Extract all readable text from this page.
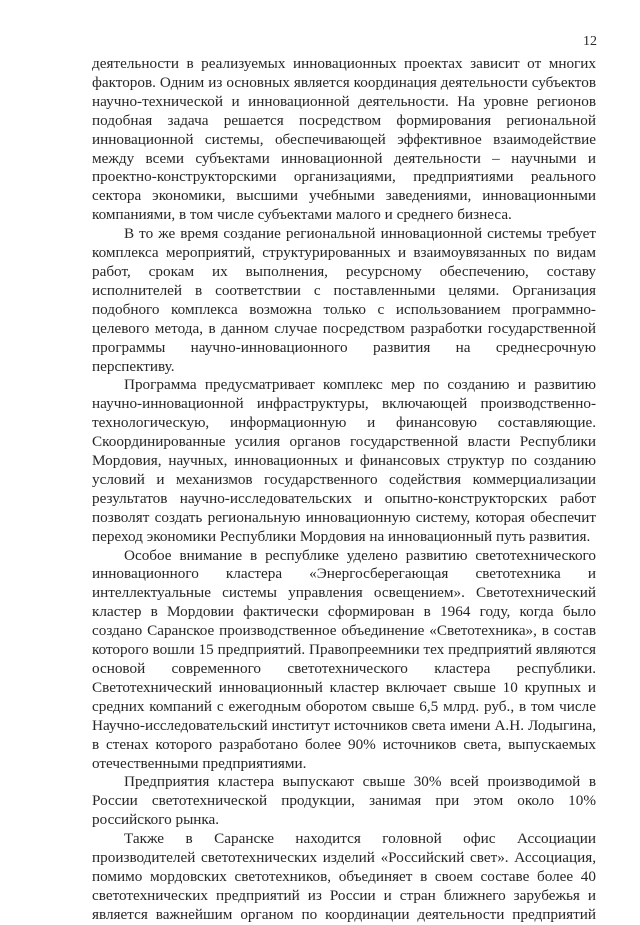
12

деятельности в реализуемых инновационных проектах зависит от многих факторов. Одним из основных является координация деятельности субъектов научно-технической и инновационной деятельности. На уровне регионов подобная задача решается посредством формирования региональной инновационной системы, обеспечивающей эффективное взаимодействие между всеми субъектами инновационной деятельности – научными и проектно-конструкторскими организациями, предприятиями реального сектора экономики, высшими учебными заведениями, инновационными компаниями, в том числе субъектами малого и среднего бизнеса.

В то же время создание региональной инновационной системы требует комплекса мероприятий, структурированных и взаимоувязанных по видам работ, срокам их выполнения, ресурсному обеспечению, составу исполнителей в соответствии с поставленными целями. Организация подобного комплекса возможна только с использованием программно-целевого метода, в данном случае посредством разработки государственной программы научно-инновационного развития на среднесрочную перспективу.

Программа предусматривает комплекс мер по созданию и развитию научно-инновационной инфраструктуры, включающей производственно-технологическую, информационную и финансовую составляющие. Скоординированные усилия органов государственной власти Республики Мордовия, научных, инновационных и финансовых структур по созданию условий и механизмов государственного содействия коммерциализации результатов научно-исследовательских и опытно-конструкторских работ позволят создать региональную инновационную систему, которая обеспечит переход экономики Республики Мордовия на инновационный путь развития.

Особое внимание в республике уделено развитию светотехнического инновационного кластера «Энергосберегающая светотехника и интеллектуальные системы управления освещением». Светотехнический кластер в Мордовии фактически сформирован в 1964 году, когда было создано Саранское производственное объединение «Светотехника», в состав которого вошли 15 предприятий. Правопреемники тех предприятий являются основой современного светотехнического кластера республики. Светотехнический инновационный кластер включает свыше 10 крупных и средних компаний с ежегодным оборотом свыше 6,5 млрд. руб., в том числе Научно-исследовательский институт источников света имени А.Н. Лодыгина, в стенах которого разработано более 90% источников света, выпускаемых отечественными предприятиями.

Предприятия кластера выпускают свыше 30% всей производимой в России светотехнической продукции, занимая при этом около 10% российского рынка.

Также в Саранске находится головной офис Ассоциации производителей светотехнических изделий «Российский свет». Ассоциация, помимо мордовских светотехников, объединяет в своем составе более 40 светотехнических предприятий из России и стран ближнего зарубежья и является важнейшим органом по координации деятельности предприятий
